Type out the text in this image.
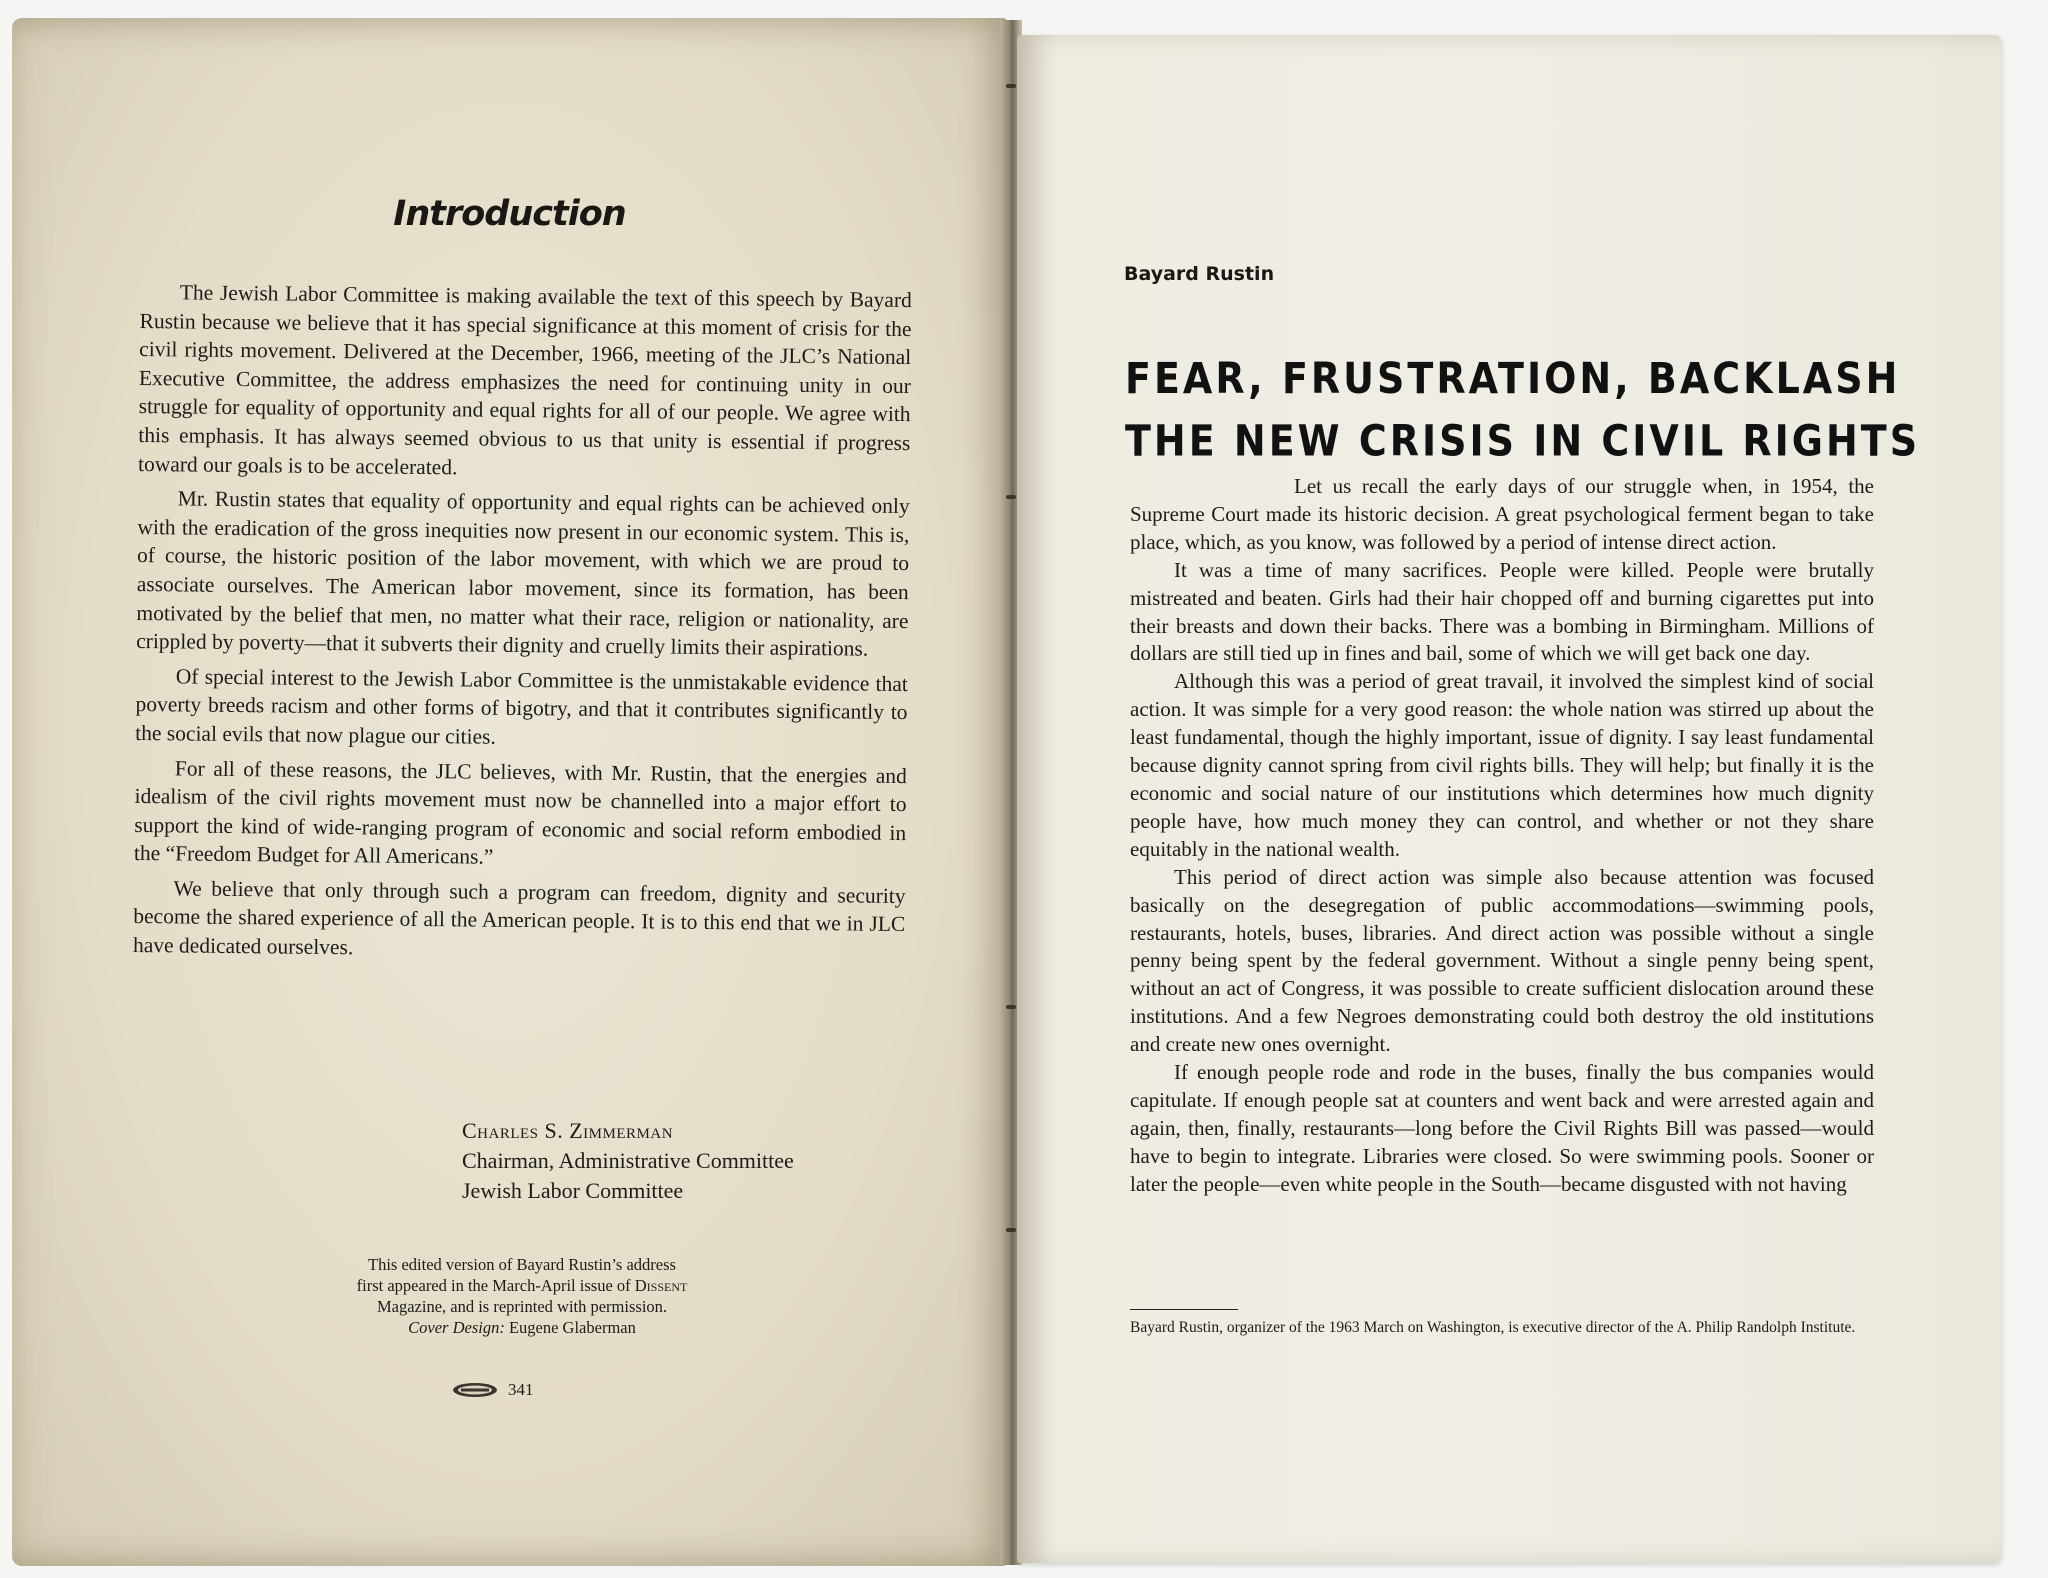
Introduction

The Jewish Labor Committee is making available the text of this speech by Bayard Rustin because we believe that it has special significance at this moment of crisis for the civil rights movement. Delivered at the December, 1966, meeting of the JLC’s National Executive Committee, the address emphasizes the need for continuing unity in our struggle for equality of opportunity and equal rights for all of our people. We agree with this emphasis. It has always seemed obvious to us that unity is essential if progress toward our goals is to be accelerated.

Mr. Rustin states that equality of opportunity and equal rights can be achieved only with the eradication of the gross inequities now present in our economic system. This is, of course, the historic position of the labor movement, with which we are proud to associate ourselves. The American labor movement, since its formation, has been motivated by the belief that men, no matter what their race, religion or nationality, are crippled by poverty—that it subverts their dignity and cruelly limits their aspirations.

Of special interest to the Jewish Labor Committee is the unmistakable evidence that poverty breeds racism and other forms of bigotry, and that it contributes significantly to the social evils that now plague our cities.

For all of these reasons, the JLC believes, with Mr. Rustin, that the energies and idealism of the civil rights movement must now be channelled into a major effort to support the kind of wide-ranging program of economic and social reform embodied in the “Freedom Budget for All Americans.”

We believe that only through such a program can freedom, dignity and security become the shared experience of all the American people. It is to this end that we in JLC have dedicated ourselves.

Charles S. Zimmerman
Chairman, Administrative Committee
Jewish Labor Committee
This edited version of Bayard Rustin’s address
first appeared in the March-April issue of Dissent
Magazine, and is reprinted with permission.
Cover Design: Eugene Glaberman
341
Bayard Rustin
FEAR, FRUSTRATION, BACKLASH
THE NEW CRISIS IN CIVIL RIGHTS

Let us recall the early days of our struggle when, in 1954, the Supreme Court made its historic decision. A great psychological ferment began to take place, which, as you know, was followed by a period of intense direct action.

It was a time of many sacrifices. People were killed. People were brutally mistreated and beaten. Girls had their hair chopped off and burning cigarettes put into their breasts and down their backs. There was a bombing in Birmingham. Millions of dollars are still tied up in fines and bail, some of which we will get back one day.

Although this was a period of great travail, it involved the simplest kind of social action. It was simple for a very good reason: the whole nation was stirred up about the least fundamental, though the highly important, issue of dignity. I say least fundamental because dignity cannot spring from civil rights bills. They will help; but finally it is the economic and social nature of our institutions which determines how much dignity people have, how much money they can control, and whether or not they share equitably in the national wealth.

This period of direct action was simple also because attention was focused basically on the desegregation of public accommodations—swimming pools, restaurants, hotels, buses, libraries. And direct action was possible without a single penny being spent by the federal government. Without a single penny being spent, without an act of Congress, it was possible to create sufficient dislocation around these institutions. And a few Negroes demonstrating could both destroy the old institutions and create new ones overnight.

If enough people rode and rode in the buses, finally the bus companies would capitulate. If enough people sat at counters and went back and were arrested again and again, then, finally, restaurants—long before the Civil Rights Bill was passed—would have to begin to integrate. Libraries were closed. So were swimming pools. Sooner or later the people—even white people in the South—became disgusted with not having

Bayard Rustin, organizer of the 1963 March on Washington, is executive director of the A. Philip Randolph Institute.
